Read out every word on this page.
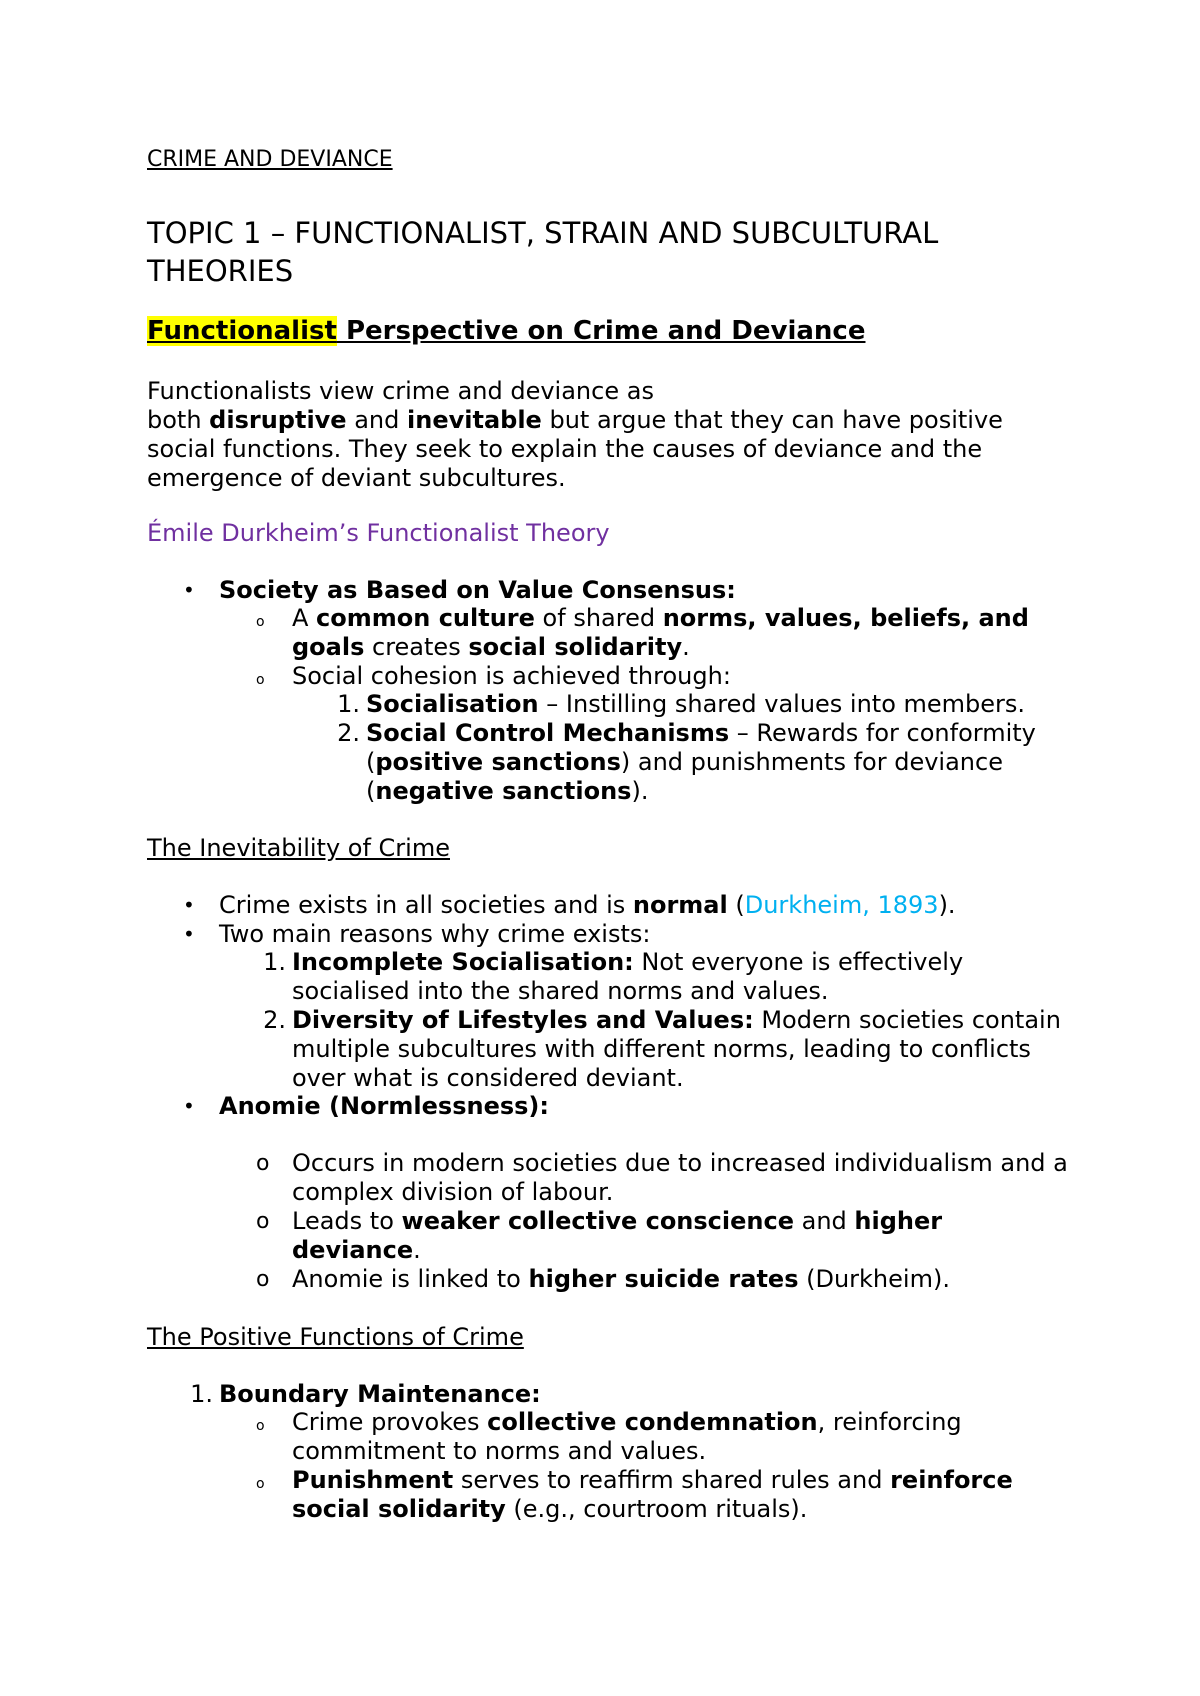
CRIME AND DEVIANCE
TOPIC 1 – FUNCTIONALIST, STRAIN AND SUBCULTURAL THEORIES
Functionalist Perspective on Crime and Deviance
Functionalists view crime and deviance as
both disruptive and inevitable but argue that they can have positive social functions. They seek to explain the causes of deviance and the emergence of deviant subcultures.
Émile Durkheim’s Functionalist Theory
• Society as Based on Value Consensus:
o A common culture of shared norms, values, beliefs, and goals creates social solidarity.
o Social cohesion is achieved through:
1. Socialisation – Instilling shared values into members.
2. Social Control Mechanisms – Rewards for conformity (positive sanctions) and punishments for deviance (negative sanctions).
The Inevitability of Crime
• Crime exists in all societies and is normal (Durkheim, 1893).
• Two main reasons why crime exists:
1. Incomplete Socialisation: Not everyone is effectively socialised into the shared norms and values.
2. Diversity of Lifestyles and Values: Modern societies contain multiple subcultures with different norms, leading to conflicts over what is considered deviant.
• Anomie (Normlessness):
o Occurs in modern societies due to increased individualism and a complex division of labour.
o Leads to weaker collective conscience and higher deviance.
o Anomie is linked to higher suicide rates (Durkheim).
The Positive Functions of Crime
1. Boundary Maintenance:
o Crime provokes collective condemnation, reinforcing commitment to norms and values.
o Punishment serves to reaffirm shared rules and reinforce social solidarity (e.g., courtroom rituals).
